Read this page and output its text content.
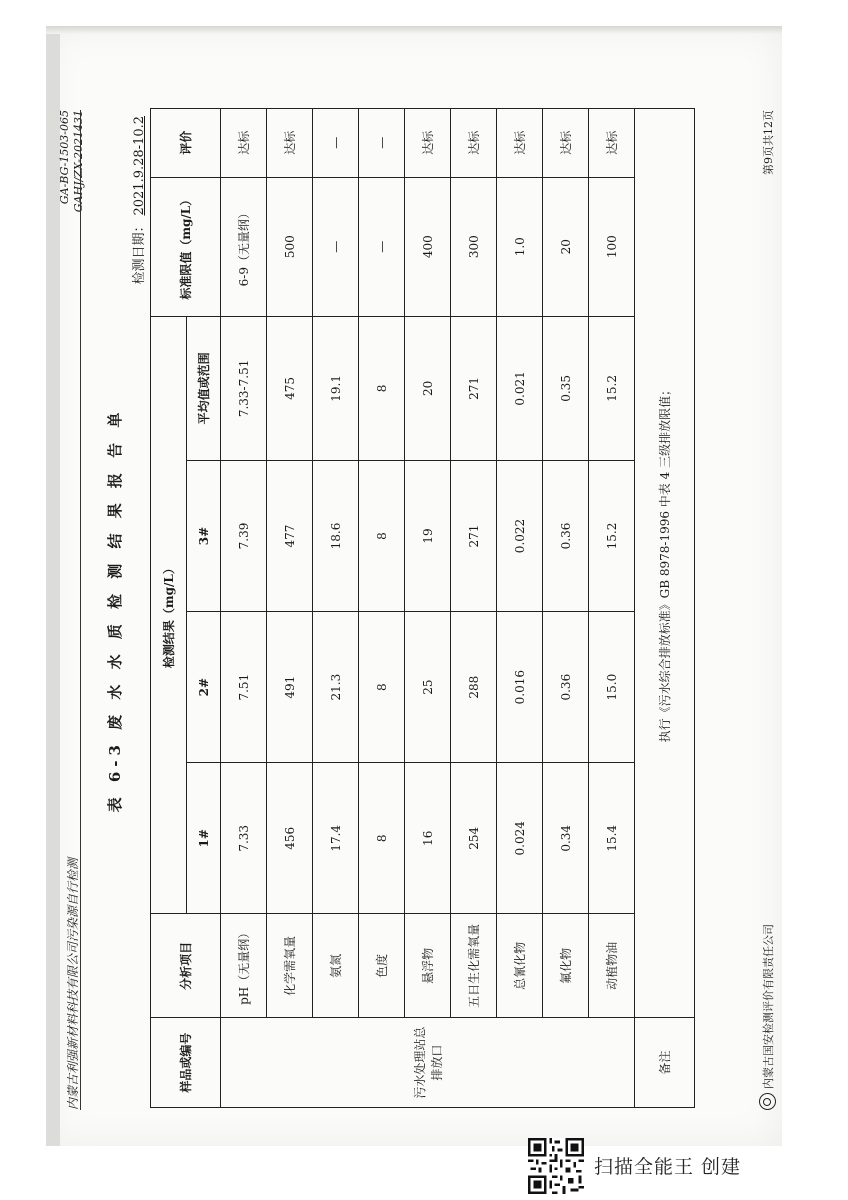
内蒙古利强新材料科技有限公司污染源自行检测
GA-BG-1503-065 GAHJ/ZX-2021431
表 6-3 废 水 水 质 检 测 结 果 报 告 单
检测日期：2021.9.28-10.2
样品或编号	分析项目	检测结果（mg/L）				标准限值（mg/L）	评价
		1#	2#	3#	平均值或范围		
污水处理站总排放口	pH（无量纲）	7.33	7.51	7.39	7.33-7.51	6-9（无量纲）	达标
	化学需氧量	456	491	477	475	500	达标
	氨氮	17.4	21.3	18.6	19.1	—	—
	色度	8	8	8	8	—	—
	悬浮物	16	25	19	20	400	达标
	五日生化需氧量	254	288	271	271	300	达标
	总氰化物	0.024	0.016	0.022	0.021	1.0	达标
	氟化物	0.34	0.36	0.36	0.35	20	达标
	动植物油	15.4	15.0	15.2	15.2	100	达标
备注	执行《污水综合排放标准》GB 8978-1996 中表 4 三级排放限值；						
内蒙古国安检测评价有限责任公司
第9页共12页
扫描全能王 创建
